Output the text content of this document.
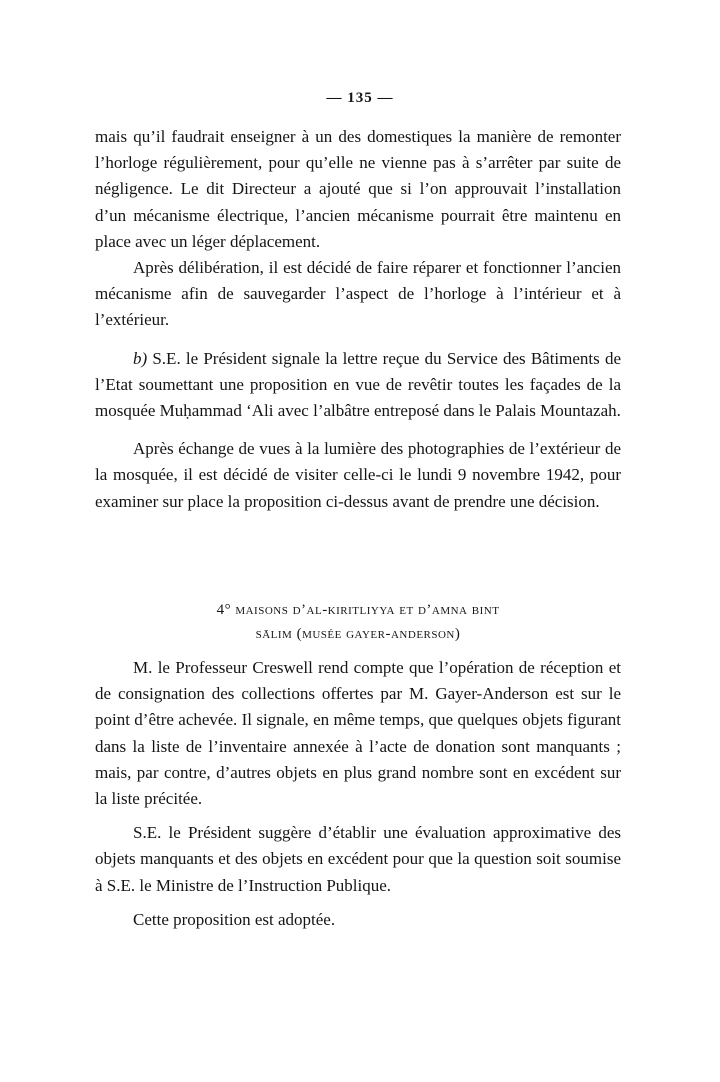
— 135 —

mais qu’il faudrait enseigner à un des domestiques la manière de remonter l’horloge régulièrement, pour qu’elle ne vienne pas à s’arrêter par suite de négligence. Le dit Directeur a ajouté que si l’on approuvait l’installation d’un mécanisme électrique, l’ancien mécanisme pourrait être maintenu en place avec un léger déplacement.

Après délibération, il est décidé de faire réparer et fonctionner l’ancien mécanisme afin de sauvegarder l’aspect de l’horloge à l’intérieur et à l’extérieur.

b) S.E. le Président signale la lettre reçue du Service des Bâtiments de l’Etat soumettant une proposition en vue de revêtir toutes les façades de la mosquée Muḥammad ‘Ali avec l’albâtre entreposé dans le Palais Mountazah.

Après échange de vues à la lumière des photographies de l’extérieur de la mosquée, il est décidé de visiter celle-ci le lundi 9 novembre 1942, pour examiner sur place la proposition ci-dessus avant de prendre une décision.

4° maisons d’al-kiritliyya et d’amna bint
sālim (musée gayer-anderson)

M. le Professeur Creswell rend compte que l’opération de réception et de consignation des collections offertes par M. Gayer-Anderson est sur le point d’être achevée. Il signale, en même temps, que quelques objets figurant dans la liste de l’inventaire annexée à l’acte de donation sont manquants ; mais, par contre, d’autres objets en plus grand nombre sont en excédent sur la liste précitée.

S.E. le Président suggère d’établir une évaluation approximative des objets manquants et des objets en excédent pour que la question soit soumise à S.E. le Ministre de l’Instruction Publique.

Cette proposition est adoptée.
